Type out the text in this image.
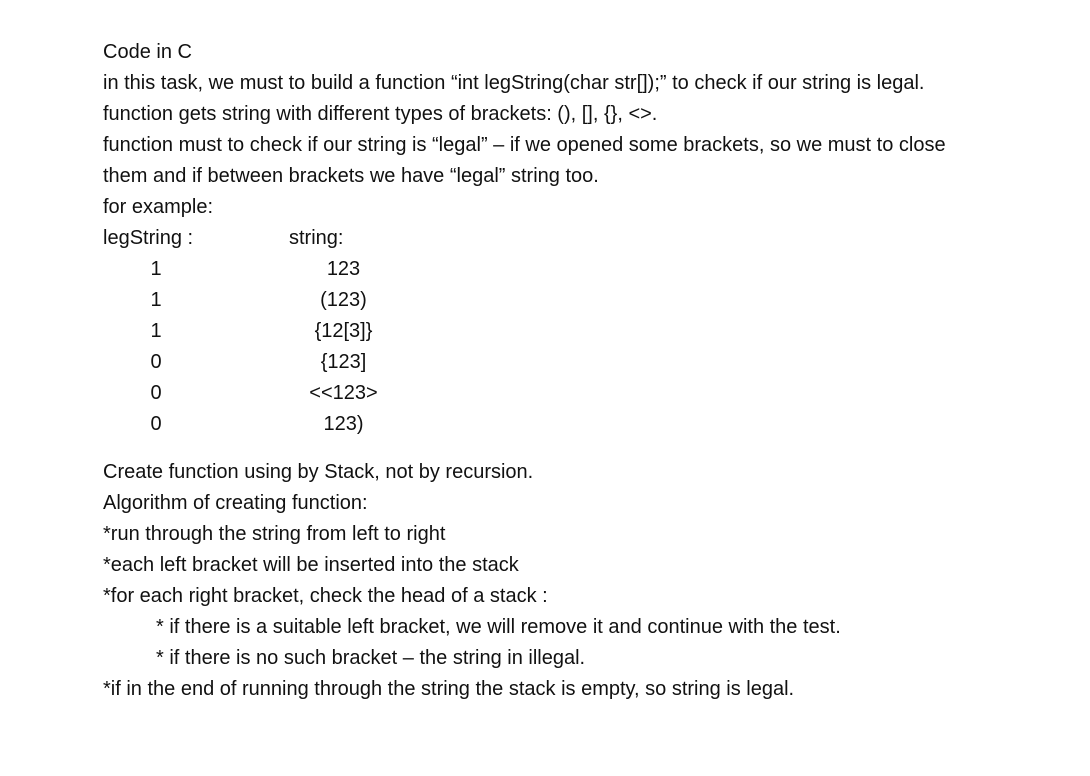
Code in C
in this task, we must to build a function “int legString(char str[]);” to check if our string is legal.
function gets string with different types of brackets: (), [], {}, <>.
function must to check if our string is “legal” – if we opened some brackets, so we must to close
them and if between brackets we have “legal” string too.
for example:
legString :	string:
1	123
1	(123)
1	{12[3]}
0	{123]
0	<<123>
0	123)
Create function using by Stack, not by recursion.
Algorithm of creating function:
*run through the string from left to right
*each left bracket will be inserted into the stack
*for each right bracket, check the head of a stack :
* if there is a suitable left bracket, we will remove it and continue with the test.
* if there is no such bracket – the string in illegal.
*if in the end of running through the string the stack is empty, so string is legal.
